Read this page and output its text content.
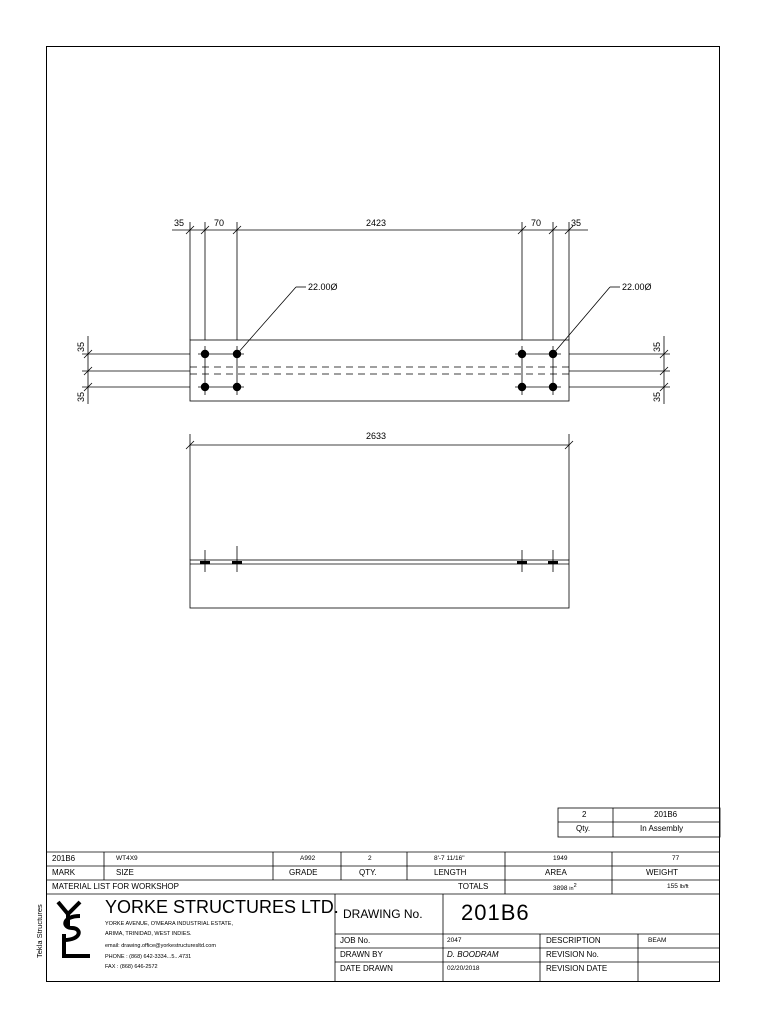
35	70	2423	70	35
22.00Ø	22.00Ø
2633
35
35
35
35
2	201B6
Qty.	In Assembly
201B6	WT4X9	A992	2	8'-7 11/16"	1949	77
MARK	SIZE	GRADE	QTY.	LENGTH	AREA	WEIGHT
MATERIAL LIST FOR WORKSHOP	TOTALS	3898 $in^2$	155 lb/ft
Tekla Structures	YORKE STRUCTURES LTD.
YORKE AVENUE, O'MEARA INDUSTRIAL ESTATE,
ARIMA, TRINIDAD, WEST INDIES.
email: drawing.office@yorkestructuresltd.com
PHONE : (868) 642-3334...5...4731
FAX : (868) 646-2572
DRAWING No. 201B6
JOB No.	2047	DESCRIPTION	BEAM
DRAWN BY	D. BOODRAM	REVISION No.
DATE DRAWN	02/20/2018	REVISION DATE
